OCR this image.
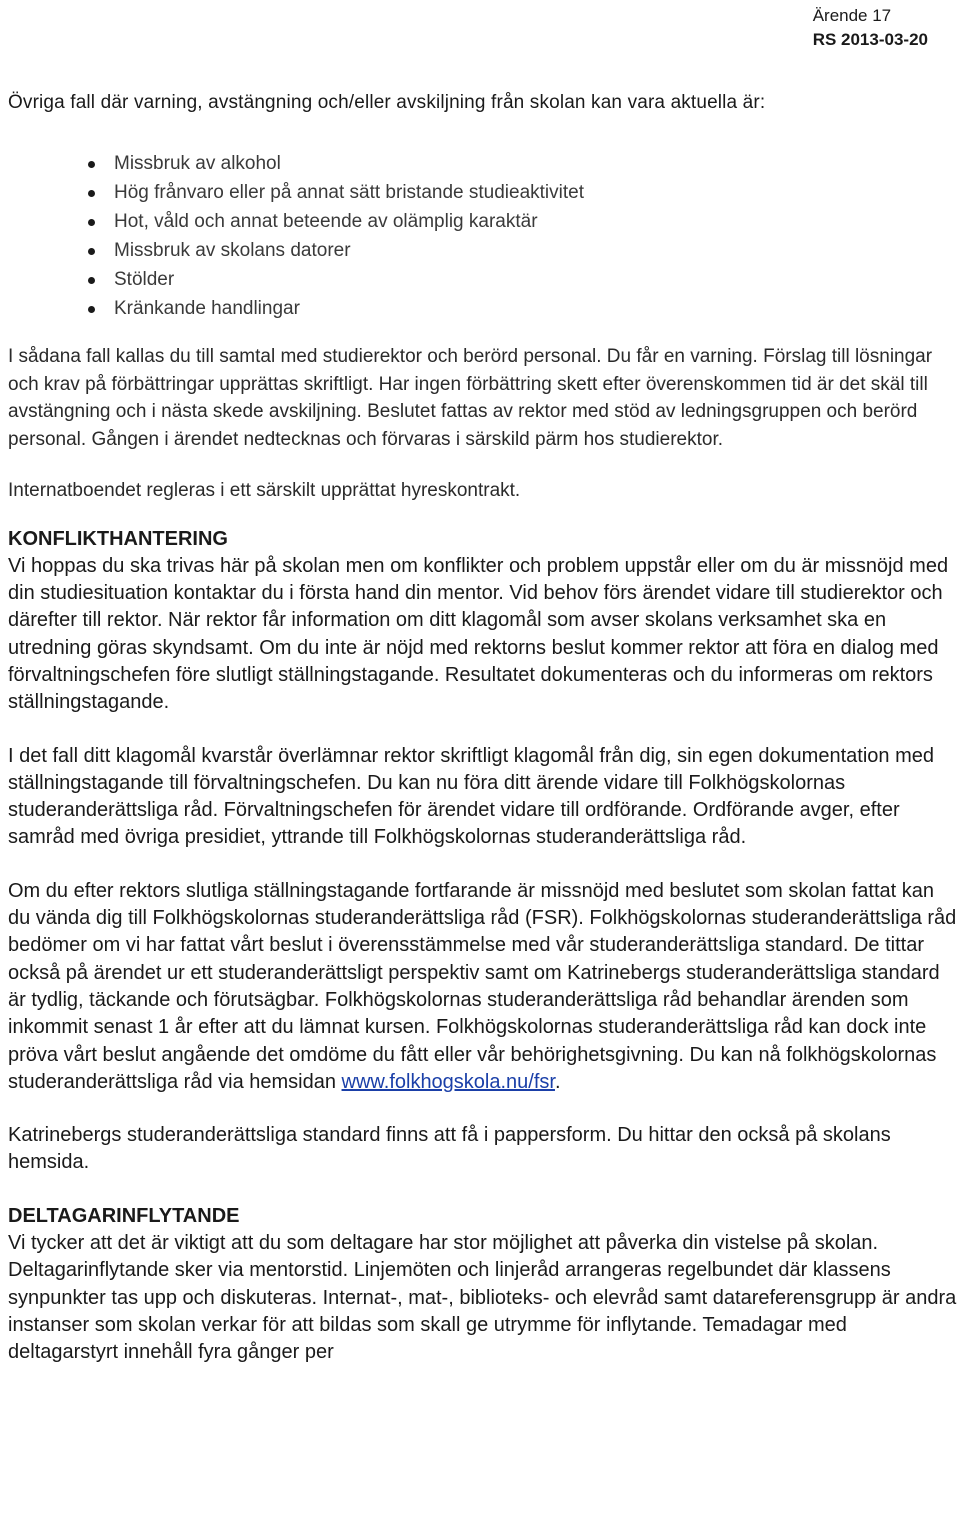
Ärende 17
RS 2013-03-20

Övriga fall där varning, avstängning och/eller avskiljning från skolan kan vara aktuella är:

Missbruk av alkohol
Hög frånvaro eller på annat sätt bristande studieaktivitet
Hot, våld och annat beteende av olämplig karaktär
Missbruk av skolans datorer
Stölder
Kränkande handlingar

I sådana fall kallas du till samtal med studierektor och berörd personal. Du får en varning. Förslag till lösningar och krav på förbättringar upprättas skriftligt. Har ingen förbättring skett efter överenskommen tid är det skäl till avstängning och i nästa skede avskiljning. Beslutet fattas av rektor med stöd av ledningsgruppen och berörd personal. Gången i ärendet nedtecknas och förvaras i särskild pärm hos studierektor.

Internatboendet regleras i ett särskilt upprättat hyreskontrakt.

KONFLIKTHANTERING

Vi hoppas du ska trivas här på skolan men om konflikter och problem uppstår eller om du är missnöjd med din studiesituation kontaktar du i första hand din mentor. Vid behov förs ärendet vidare till studierektor och därefter till rektor. När rektor får information om ditt klagomål som avser skolans verksamhet ska en utredning göras skyndsamt. Om du inte är nöjd med rektorns beslut kommer rektor att föra en dialog med förvaltningschefen före slutligt ställningstagande. Resultatet dokumenteras och du informeras om rektors ställningstagande.

I det fall ditt klagomål kvarstår överlämnar rektor skriftligt klagomål från dig, sin egen dokumentation med ställningstagande till förvaltningschefen. Du kan nu föra ditt ärende vidare till Folkhögskolornas studeranderättsliga råd. Förvaltningschefen för ärendet vidare till ordförande. Ordförande avger, efter samråd med övriga presidiet, yttrande till Folkhögskolornas studeranderättsliga råd.

Om du efter rektors slutliga ställningstagande fortfarande är missnöjd med beslutet som skolan fattat kan du vända dig till Folkhögskolornas studeranderättsliga råd (FSR). Folkhögskolornas studeranderättsliga råd bedömer om vi har fattat vårt beslut i överensstämmelse med vår studeranderättsliga standard. De tittar också på ärendet ur ett studeranderättsligt perspektiv samt om Katrinebergs studeranderättsliga standard är tydlig, täckande och förutsägbar. Folkhögskolornas studeranderättsliga råd behandlar ärenden som inkommit senast 1 år efter att du lämnat kursen. Folkhögskolornas studeranderättsliga råd kan dock inte pröva vårt beslut angående det omdöme du fått eller vår behörighetsgivning. Du kan nå folkhögskolornas studeranderättsliga råd via hemsidan www.folkhogskola.nu/fsr.

Katrinebergs studeranderättsliga standard finns att få i pappersform. Du hittar den också på skolans hemsida.

DELTAGARINFLYTANDE

Vi tycker att det är viktigt att du som deltagare har stor möjlighet att påverka din vistelse på skolan. Deltagarinflytande sker via mentorstid. Linjemöten och linjeråd arrangeras regelbundet där klassens synpunkter tas upp och diskuteras. Internat-, mat-, biblioteks- och elevråd samt datareferensgrupp är andra instanser som skolan verkar för att bildas som skall ge utrymme för inflytande. Temadagar med deltagarstyrt innehåll fyra gånger per
